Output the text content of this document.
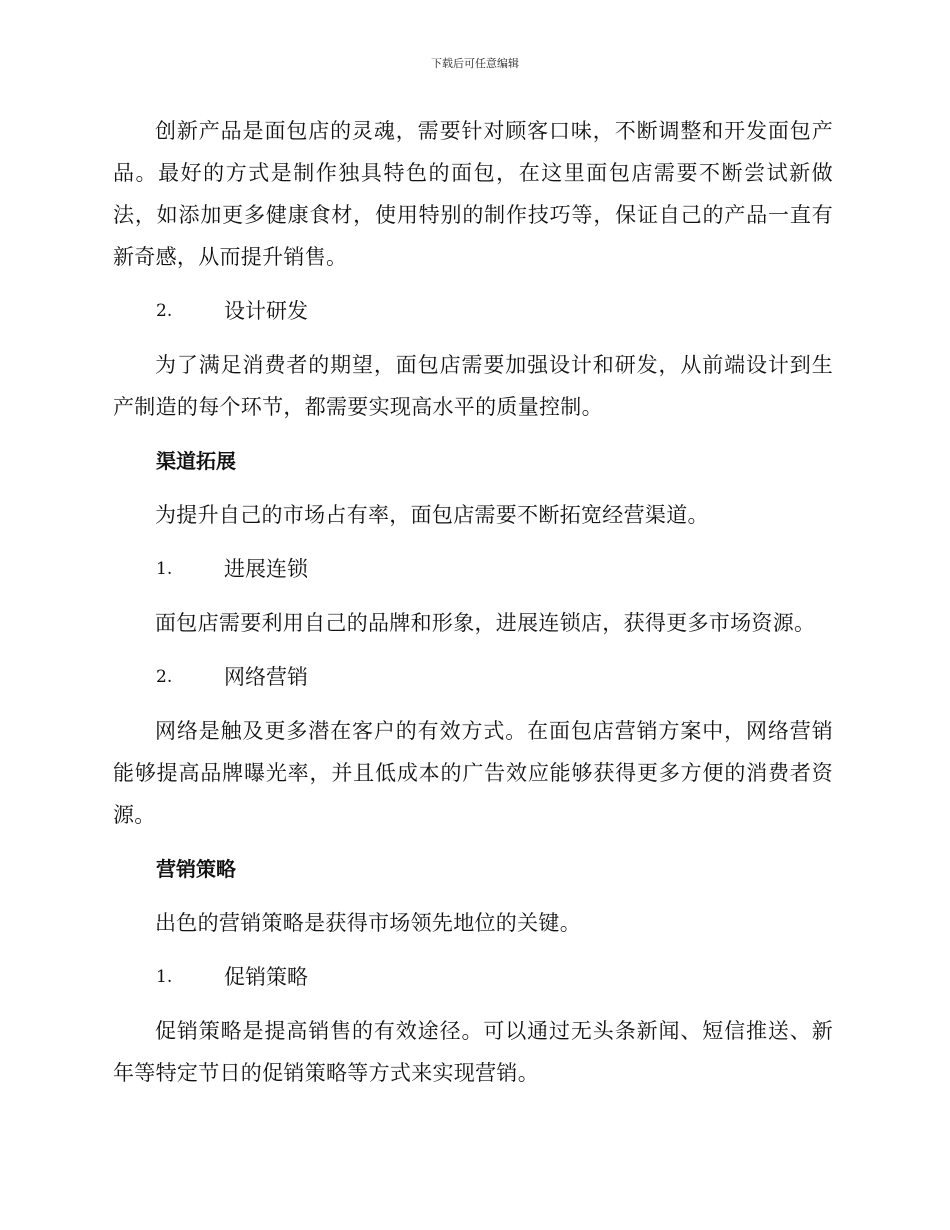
下载后可任意编辑

创新产品是面包店的灵魂，需要针对顾客口味，不断调整和开发面包产品。最好的方式是制作独具特色的面包，在这里面包店需要不断尝试新做法，如添加更多健康食材，使用特别的制作技巧等，保证自己的产品一直有新奇感，从而提升销售。

2.	设计研发

为了满足消费者的期望，面包店需要加强设计和研发，从前端设计到生产制造的每个环节，都需要实现高水平的质量控制。

渠道拓展

为提升自己的市场占有率，面包店需要不断拓宽经营渠道。

1.	进展连锁

面包店需要利用自己的品牌和形象，进展连锁店，获得更多市场资源。

2.	网络营销

网络是触及更多潜在客户的有效方式。在面包店营销方案中，网络营销能够提高品牌曝光率，并且低成本的广告效应能够获得更多方便的消费者资源。

营销策略

出色的营销策略是获得市场领先地位的关键。

1.	促销策略

促销策略是提高销售的有效途径。可以通过无头条新闻、短信推送、新年等特定节日的促销策略等方式来实现营销。
